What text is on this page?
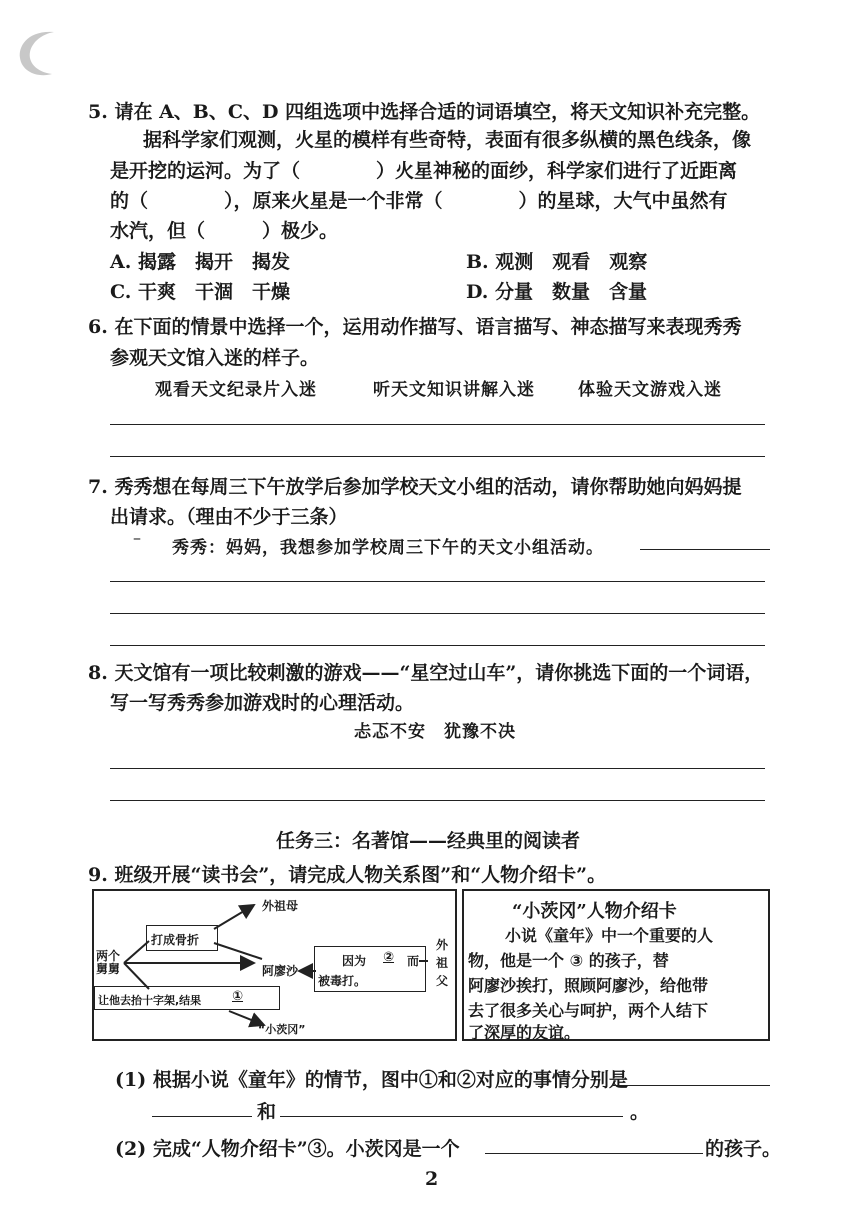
5. 请在 A、B、C、D 四组选项中选择合适的词语填空，将天文知识补充完整。
据科学家们观测，火星的模样有些奇特，表面有很多纵横的黑色线条，像
是开挖的运河。为了（　　　　）火星神秘的面纱，科学家们进行了近距离
的（　　　　），原来火星是一个非常（　　　　）的星球，大气中虽然有
水汽，但（　　　）极少。
A. 揭露　揭开　揭发	B. 观测　观看　观察
C. 干爽　干涸　干燥	D. 分量　数量　含量
6. 在下面的情景中选择一个，运用动作描写、语言描写、神态描写来表现秀秀
参观天文馆入迷的样子。
观看天文纪录片入迷	听天文知识讲解入迷	体验天文游戏入迷
7. 秀秀想在每周三下午放学后参加学校天文小组的活动，请你帮助她向妈妈提
出请求。（理由不少于三条）
–
秀秀：妈妈，我想参加学校周三下午的天文小组活动。
8. 天文馆有一项比较刺激的游戏——“星空过山车”，请你挑选下面的一个词语，
写一写秀秀参加游戏时的心理活动。
忐忑不安　犹豫不决
任务三：名著馆——经典里的阅读者
9. 班级开展“读书会”，请完成人物关系图”和“人物介绍卡”。
两个
舅舅
打成骨折
外祖母
阿廖沙
因为 ② 而
被毒打。
外
祖
父
让他去抬十字架,结果 ①
“小茨冈”
“小茨冈”人物介绍卡
小说《童年》中一个重要的人
物，他是一个 ③ 的孩子，替
阿廖沙挨打，照顾阿廖沙，给他带
去了很多关心与呵护，两个人结下
了深厚的友谊。
(1) 根据小说《童年》的情节，图中①和②对应的事情分别是
和	。
(2) 完成“人物介绍卡”③。小茨冈是一个	的孩子。
2
